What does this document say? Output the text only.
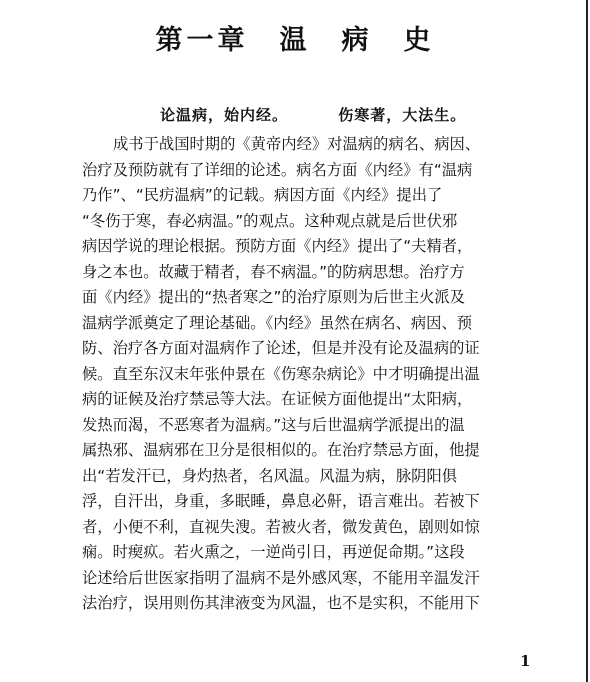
第一章　温　病　史
论温病，始内经。	伤寒著，大法生。
成书于战国时期的《黄帝内经》对温病的病名、病因、
治疗及预防就有了详细的论述。病名方面《内经》有“温病
乃作”、“民疠温病”的记载。病因方面《内经》提出了
“冬伤于寒，春必病温。”的观点。这种观点就是后世伏邪
病因学说的理论根据。预防方面《内经》提出了“夫精者，
身之本也。故藏于精者，春不病温。”的防病思想。治疗方
面《内经》提出的“热者寒之”的治疗原则为后世主火派及
温病学派奠定了理论基础。《内经》虽然在病名、病因、预
防、治疗各方面对温病作了论述，但是并没有论及温病的证
候。直至东汉末年张仲景在《伤寒杂病论》中才明确提出温
病的证候及治疗禁忌等大法。在证候方面他提出“太阳病，
发热而渴，不恶寒者为温病。”这与后世温病学派提出的温
属热邪、温病邪在卫分是很相似的。在治疗禁忌方面，他提
出“若发汗已，身灼热者，名风温。风温为病，脉阴阳俱
浮，自汗出，身重，多眠睡，鼻息必鼾，语言难出。若被下
者，小便不利，直视失溲。若被火者，微发黄色，剧则如惊
痫。时瘈疭。若火熏之，一逆尚引日，再逆促命期。”这段
论述给后世医家指明了温病不是外感风寒，不能用辛温发汗
法治疗，误用则伤其津液变为风温，也不是实积，不能用下
1
